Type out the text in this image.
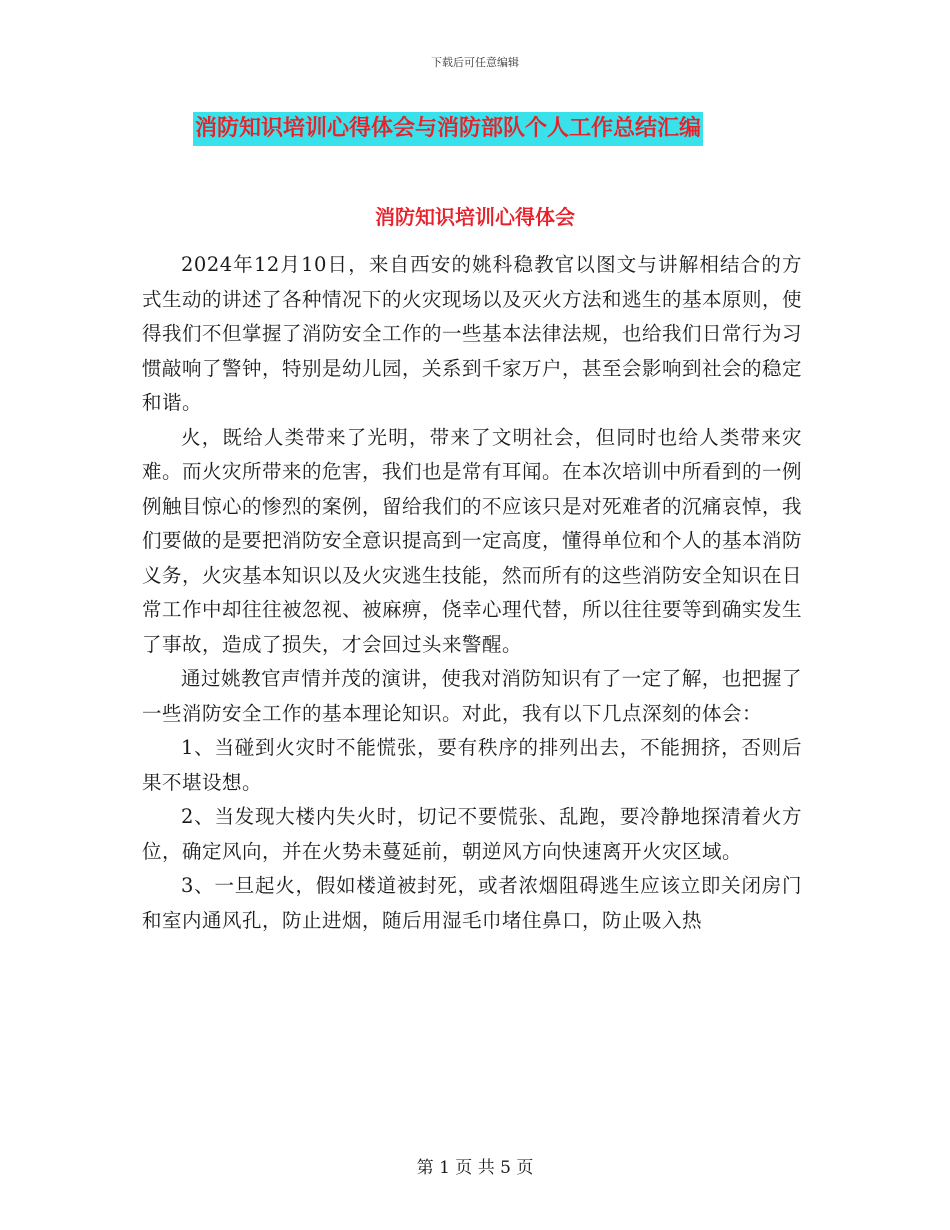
下载后可任意编辑
消防知识培训心得体会与消防部队个人工作总结汇编
消防知识培训心得体会

2024年12月10日，来自西安的姚科稳教官以图文与讲解相结合的方式生动的讲述了各种情况下的火灾现场以及灭火方法和逃生的基本原则，使得我们不但掌握了消防安全工作的一些基本法律法规，也给我们日常行为习惯敲响了警钟，特别是幼儿园，关系到千家万户，甚至会影响到社会的稳定和谐。

火，既给人类带来了光明，带来了文明社会，但同时也给人类带来灾难。而火灾所带来的危害，我们也是常有耳闻。在本次培训中所看到的一例例触目惊心的惨烈的案例，留给我们的不应该只是对死难者的沉痛哀悼，我们要做的是要把消防安全意识提高到一定高度，懂得单位和个人的基本消防义务，火灾基本知识以及火灾逃生技能，然而所有的这些消防安全知识在日常工作中却往往被忽视、被麻痹，侥幸心理代替，所以往往要等到确实发生了事故，造成了损失，才会回过头来警醒。

通过姚教官声情并茂的演讲，使我对消防知识有了一定了解，也把握了一些消防安全工作的基本理论知识。对此，我有以下几点深刻的体会：

1、当碰到火灾时不能慌张，要有秩序的排列出去，不能拥挤，否则后果不堪设想。

2、当发现大楼内失火时，切记不要慌张、乱跑，要冷静地探清着火方位，确定风向，并在火势未蔓延前，朝逆风方向快速离开火灾区域。

3、一旦起火，假如楼道被封死，或者浓烟阻碍逃生应该立即关闭房门和室内通风孔，防止进烟，随后用湿毛巾堵住鼻口，防止吸入热

第 1 页 共 5 页
